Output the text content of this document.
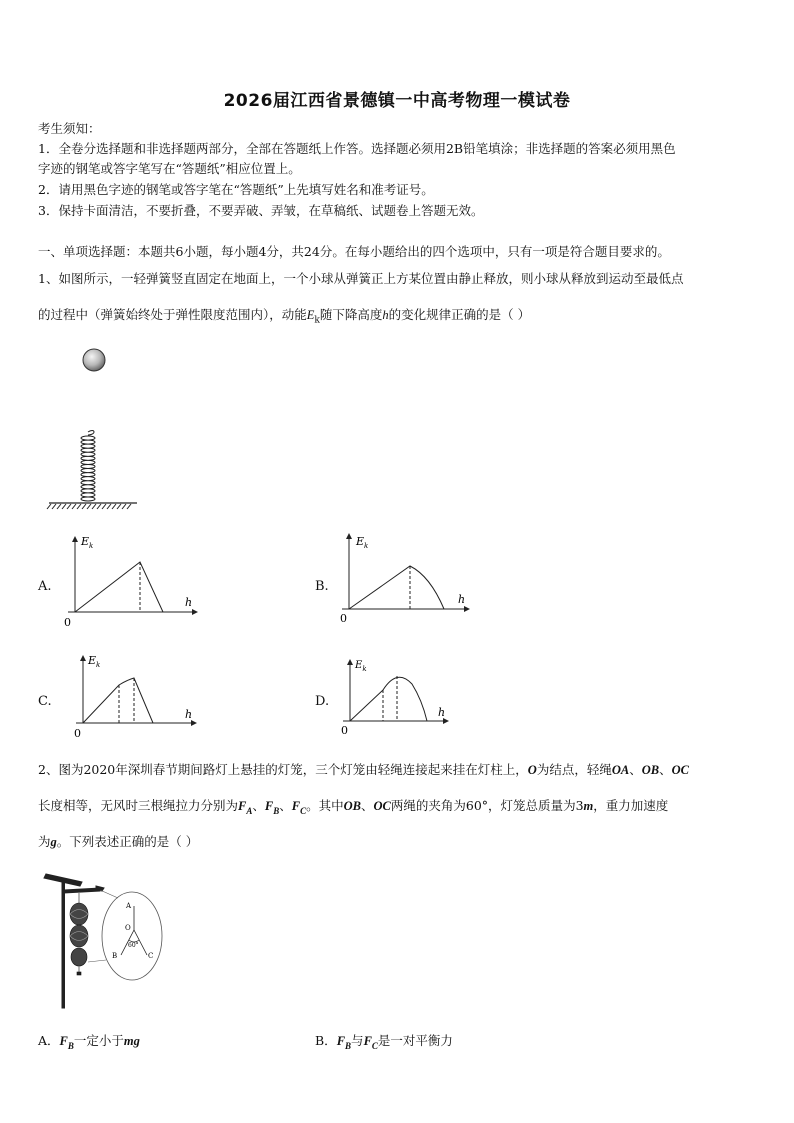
2026届江西省景德镇一中高考物理一模试卷
考生须知：
1．全卷分选择题和非选择题两部分，全部在答题纸上作答。选择题必须用2B铅笔填涂；非选择题的答案必须用黑色
字迹的钢笔或答字笔写在“答题纸”相应位置上。
2．请用黑色字迹的钢笔或答字笔在“答题纸”上先填写姓名和准考证号。
3．保持卡面清洁，不要折叠，不要弄破、弄皱，在草稿纸、试题卷上答题无效。
一、单项选择题：本题共6小题，每小题4分，共24分。在每小题给出的四个选项中，只有一项是符合题目要求的。
1、如图所示，一轻弹簧竖直固定在地面上，一个小球从弹簧正上方某位置由静止释放，则小球从释放到运动至最低点
的过程中（弹簧始终处于弹性限度范围内），动能$E_k$随下降高度h的变化规律正确的是（ ）
A.	B.
C.	D.
$E_k$
h
0
$E_k$
h
0
$E_k$
h
0
$E_k$
h
0
2、图为2020年深圳春节期间路灯上悬挂的灯笼，三个灯笼由轻绳连接起来挂在灯柱上，O为结点，轻绳OA、OB、OC
长度相等，无风时三根绳拉力分别为$F_A$、$F_B$、$F_C$。其中OB、OC两绳的夹角为60°，灯笼总质量为3m，重力加速度
为g。下列表述正确的是（ ）
A
O
B	C
60°
A．$F_B$一定小于mg	B．$F_B$与$F_C$是一对平衡力
